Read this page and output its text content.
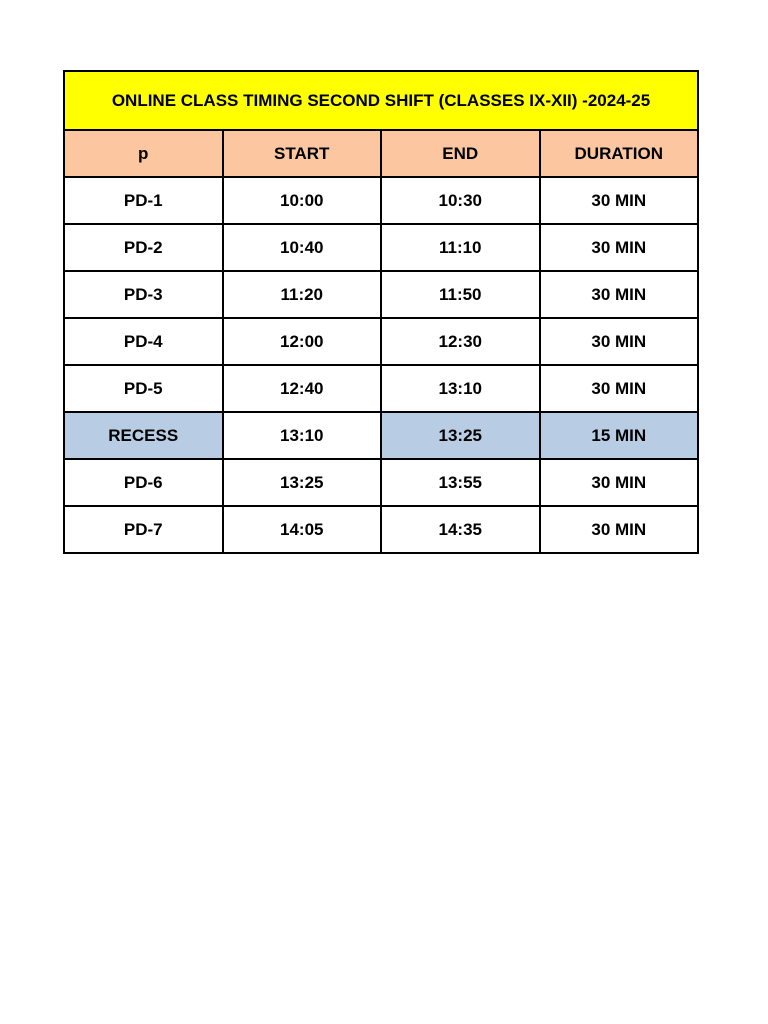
ONLINE CLASS TIMING SECOND SHIFT (CLASSES IX-XII) -2024-25			
p	START	END	DURATION
PD-1	10:00	10:30	30 MIN
PD-2	10:40	11:10	30 MIN
PD-3	11:20	11:50	30 MIN
PD-4	12:00	12:30	30 MIN
PD-5	12:40	13:10	30 MIN
RECESS	13:10	13:25	15 MIN
PD-6	13:25	13:55	30 MIN
PD-7	14:05	14:35	30 MIN
